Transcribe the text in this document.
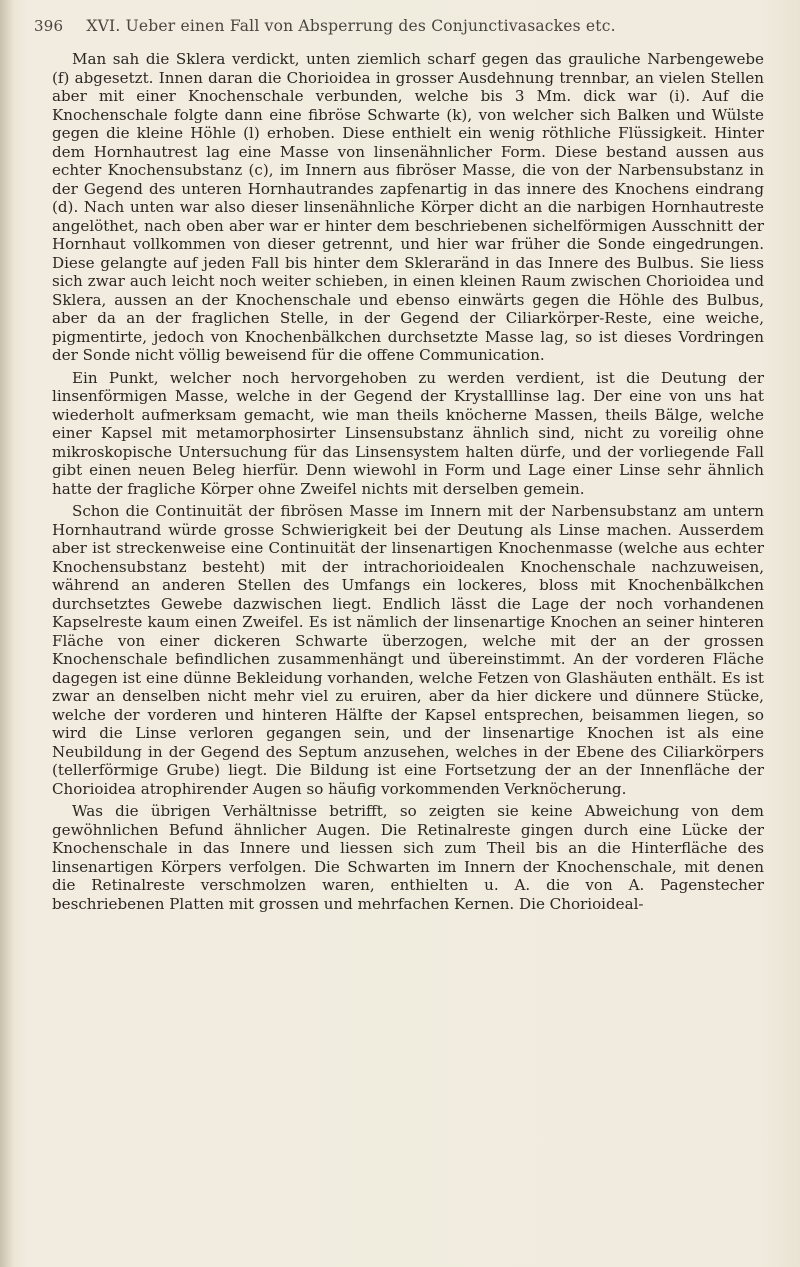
396 XVI. Ueber einen Fall von Absperrung des Conjunctivasackes etc.

Man sah die Sklera verdickt, unten ziemlich scharf gegen das grauliche Narbengewebe (f) abgesetzt. Innen daran die Chorioidea in grosser Ausdehnung trennbar, an vielen Stellen aber mit einer Knochenschale verbunden, welche bis 3 Mm. dick war (i). Auf die Knochenschale folgte dann eine fibröse Schwarte (k), von welcher sich Balken und Wülste gegen die kleine Höhle (l) erhoben. Diese enthielt ein wenig röthliche Flüssigkeit. Hinter dem Hornhautrest lag eine Masse von linsenähnlicher Form. Diese bestand aussen aus echter Knochensubstanz (c), im Innern aus fibröser Masse, die von der Narbensubstanz in der Gegend des unteren Hornhautrandes zapfenartig in das innere des Knochens eindrang (d). Nach unten war also dieser linsenähnliche Körper dicht an die narbigen Hornhautreste angelöthet, nach oben aber war er hinter dem beschriebenen sichelförmigen Ausschnitt der Hornhaut vollkommen von dieser getrennt, und hier war früher die Sonde eingedrungen. Diese gelangte auf jeden Fall bis hinter dem Skleraränd in das Innere des Bulbus. Sie liess sich zwar auch leicht noch weiter schieben, in einen kleinen Raum zwischen Chorioidea und Sklera, aussen an der Knochenschale und ebenso einwärts gegen die Höhle des Bulbus, aber da an der fraglichen Stelle, in der Gegend der Ciliarkörper-Reste, eine weiche, pigmentirte, jedoch von Knochenbälkchen durchsetzte Masse lag, so ist dieses Vordringen der Sonde nicht völlig beweisend für die offene Communication.

Ein Punkt, welcher noch hervorgehoben zu werden verdient, ist die Deutung der linsenförmigen Masse, welche in der Gegend der Krystalllinse lag. Der eine von uns hat wiederholt aufmerksam gemacht, wie man theils knöcherne Massen, theils Bälge, welche einer Kapsel mit metamorphosirter Linsensubstanz ähnlich sind, nicht zu voreilig ohne mikroskopische Untersuchung für das Linsensystem halten dürfe, und der vorliegende Fall gibt einen neuen Beleg hierfür. Denn wiewohl in Form und Lage einer Linse sehr ähnlich hatte der fragliche Körper ohne Zweifel nichts mit derselben gemein.

Schon die Continuität der fibrösen Masse im Innern mit der Narbensubstanz am untern Hornhautrand würde grosse Schwierigkeit bei der Deutung als Linse machen. Ausserdem aber ist streckenweise eine Continuität der linsenartigen Knochenmasse (welche aus echter Knochensubstanz besteht) mit der intrachorioidealen Knochenschale nachzuweisen, während an anderen Stellen des Umfangs ein lockeres, bloss mit Knochenbälkchen durchsetztes Gewebe dazwischen liegt. Endlich lässt die Lage der noch vorhandenen Kapselreste kaum einen Zweifel. Es ist nämlich der linsenartige Knochen an seiner hinteren Fläche von einer dickeren Schwarte überzogen, welche mit der an der grossen Knochenschale befindlichen zusammenhängt und übereinstimmt. An der vorderen Fläche dagegen ist eine dünne Bekleidung vorhanden, welche Fetzen von Glashäuten enthält. Es ist zwar an denselben nicht mehr viel zu eruiren, aber da hier dickere und dünnere Stücke, welche der vorderen und hinteren Hälfte der Kapsel entsprechen, beisammen liegen, so wird die Linse verloren gegangen sein, und der linsenartige Knochen ist als eine Neubildung in der Gegend des Septum anzusehen, welches in der Ebene des Ciliarkörpers (tellerförmige Grube) liegt. Die Bildung ist eine Fortsetzung der an der Innenfläche der Chorioidea atrophirender Augen so häufig vorkommenden Verknöcherung.

Was die übrigen Verhältnisse betrifft, so zeigten sie keine Abweichung von dem gewöhnlichen Befund ähnlicher Augen. Die Retinalreste gingen durch eine Lücke der Knochenschale in das Innere und liessen sich zum Theil bis an die Hinterfläche des linsenartigen Körpers verfolgen. Die Schwarten im Innern der Knochenschale, mit denen die Retinalreste verschmolzen waren, enthielten u. A. die von A. Pagenstecher beschriebenen Platten mit grossen und mehrfachen Kernen. Die Chorioideal-
